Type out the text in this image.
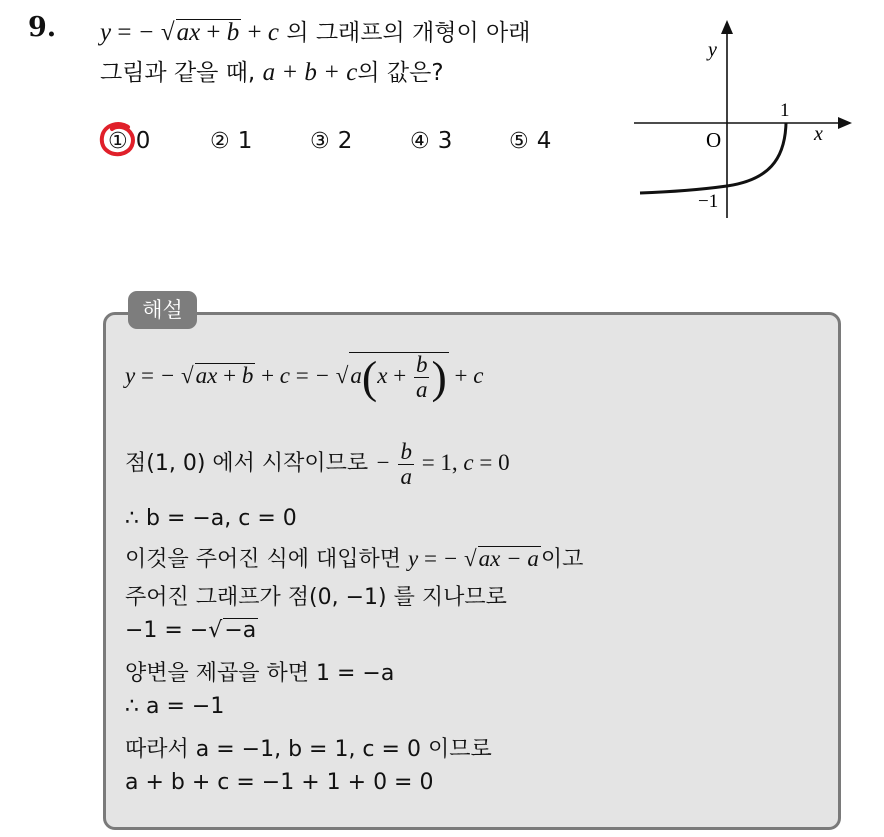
9. y = − √ax + b + c 의 그래프의 개형이 아래
그림과 같을 때, a + b + c의 값은?
① 0	② 1	③ 2	④ 3	⑤ 4
y
x
O
1
−1
해설
y = − √ax + b + c = − $√a(x + \frac{b}{a}$ ) + c
점(1, 0) 에서 시작이므로 − $\frac{b}{a} = 1$, c = 0
∴ b = −a, c = 0
이것을 주어진 식에 대입하면 y = − √ax − a이고
주어진 그래프가 점(0, −1) 를 지나므로
−1 = −√−a
양변을 제곱을 하면 1 = −a
∴ a = −1
따라서 a = −1, b = 1, c = 0 이므로
a + b + c = −1 + 1 + 0 = 0
